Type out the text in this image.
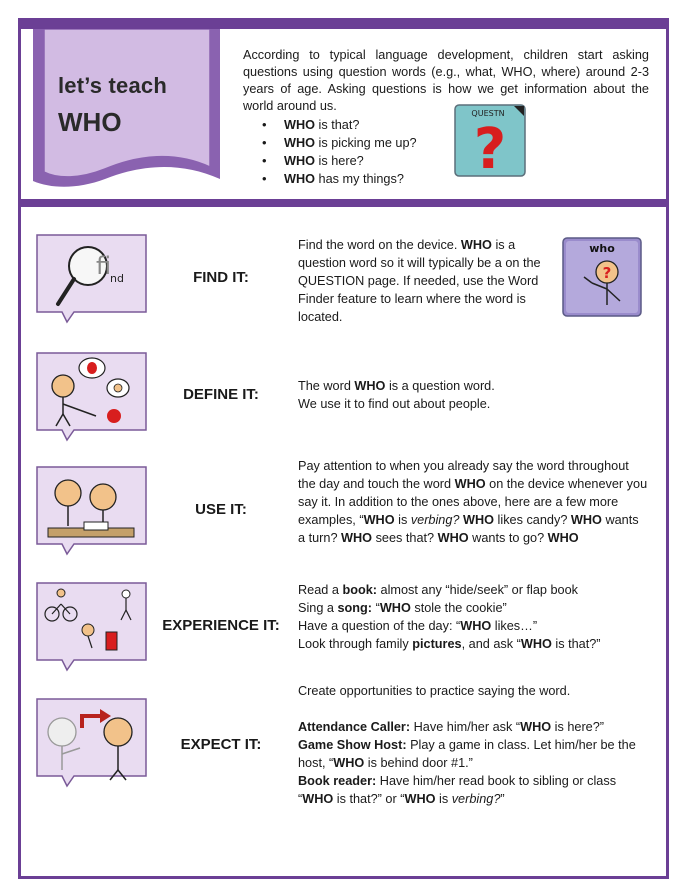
let’s teach
WHO
According to typical language development, children start asking questions using question words (e.g., what, WHO, where) around 2-3 years of age. Asking questions is how we get information about the world around us.
• WHO is that?
• WHO is picking me up?
• WHO is here?
• WHO has my things?
QUESTN
?
who
?
fi
nd	FIND IT:
Find the word on the device. WHO is a question word so it will typically be a on the QUESTION page. If needed, use the Word Finder feature to learn where the word is located.
DEFINE IT:	The word WHO is a question word.

We use it to find out about people.

USE IT:
Pay attention to when you already say the word throughout the day and touch the word WHO on the device whenever you say it. In addition to the ones above, here are a few more examples, “WHO is verbing? WHO likes candy? WHO wants a turn? WHO sees that? WHO wants to go? WHO
EXPERIENCE IT:

Read a book: almost any “hide/seek” or flap book

Sing a song: “WHO stole the cookie”

Have a question of the day: “WHO likes…”

Look through family pictures, and ask “WHO is that?”

EXPECT IT:

Create opportunities to practice saying the word.

Attendance Caller: Have him/her ask “WHO is here?”

Game Show Host: Play a game in class. Let him/her be the host, “WHO is behind door #1.”

Book reader: Have him/her read book to sibling or class “WHO is that?” or “WHO is verbing?”
